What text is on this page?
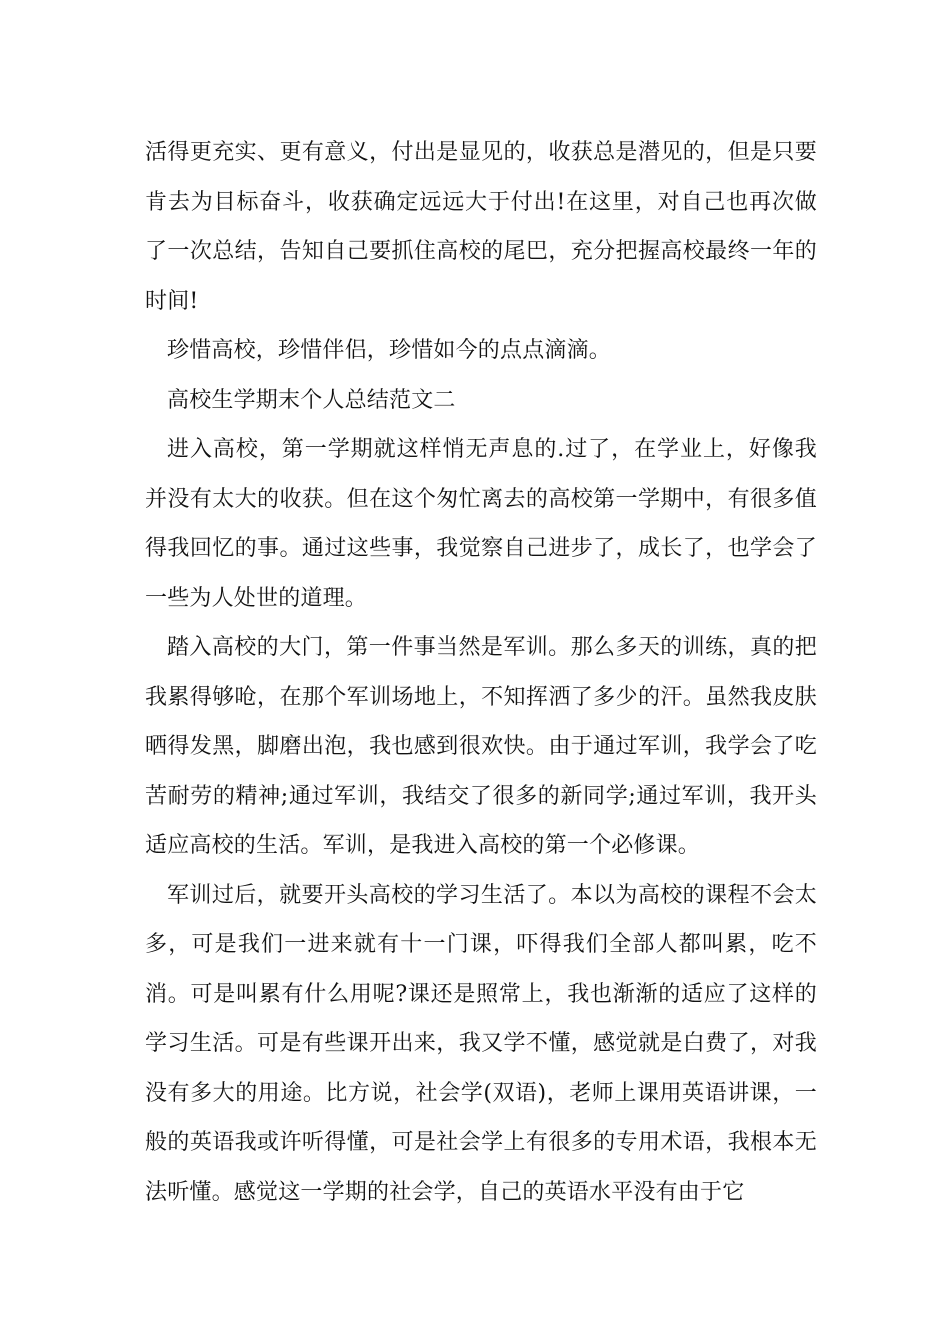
活得更充实、更有意义，付出是显见的，收获总是潜见的，但是只要肯去为目标奋斗，收获确定远远大于付出!在这里，对自己也再次做了一次总结，告知自己要抓住高校的尾巴，充分把握高校最终一年的时间!

珍惜高校，珍惜伴侣，珍惜如今的点点滴滴。

高校生学期末个人总结范文二

进入高校，第一学期就这样悄无声息的.过了，在学业上，好像我并没有太大的收获。但在这个匆忙离去的高校第一学期中，有很多值得我回忆的事。通过这些事，我觉察自己进步了，成长了，也学会了一些为人处世的道理。

踏入高校的大门，第一件事当然是军训。那么多天的训练，真的把我累得够呛，在那个军训场地上，不知挥洒了多少的汗。虽然我皮肤晒得发黑，脚磨出泡，我也感到很欢快。由于通过军训，我学会了吃苦耐劳的精神;通过军训，我结交了很多的新同学;通过军训，我开头适应高校的生活。军训，是我进入高校的第一个必修课。

军训过后，就要开头高校的学习生活了。本以为高校的课程不会太多，可是我们一进来就有十一门课，吓得我们全部人都叫累，吃不消。可是叫累有什么用呢?课还是照常上，我也渐渐的适应了这样的学习生活。可是有些课开出来，我又学不懂，感觉就是白费了，对我没有多大的用途。比方说，社会学(双语)，老师上课用英语讲课，一般的英语我或许听得懂，可是社会学上有很多的专用术语，我根本无法听懂。感觉这一学期的社会学，自己的英语水平没有由于它
